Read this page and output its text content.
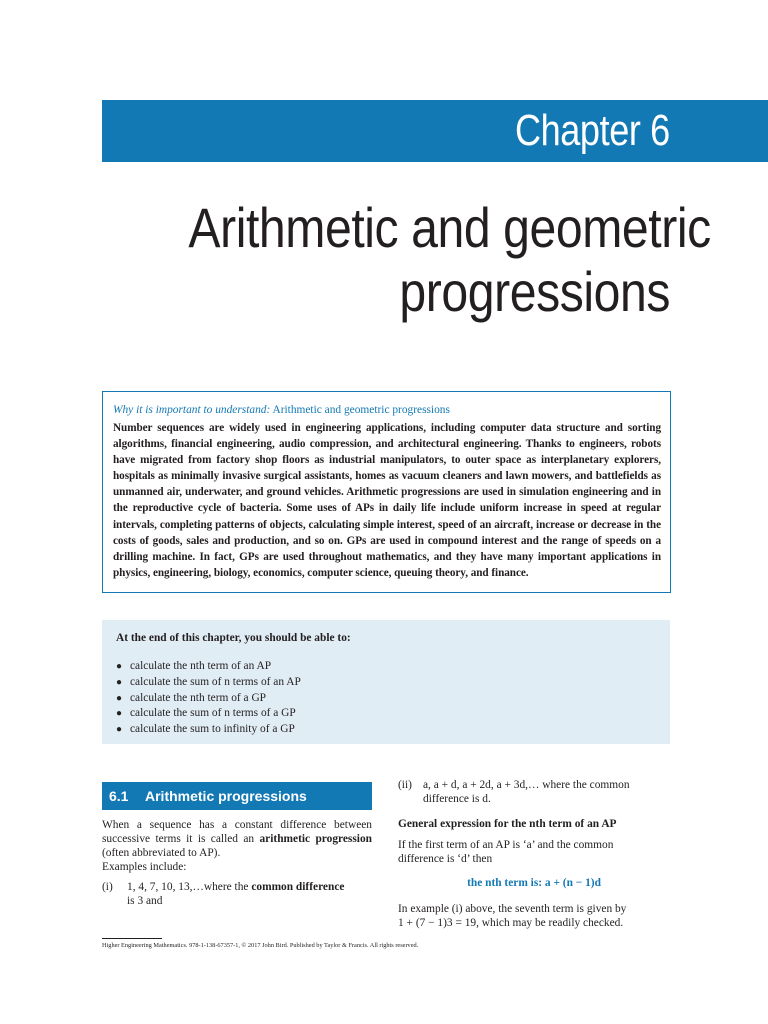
Chapter 6
Arithmetic and geometric
progressions

Why it is important to understand: Arithmetic and geometric progressions

Number sequences are widely used in engineering applications, including computer data structure and sorting algorithms, financial engineering, audio compression, and architectural engineering. Thanks to engineers, robots have migrated from factory shop floors as industrial manipulators, to outer space as interplanetary explorers, hospitals as minimally invasive surgical assistants, homes as vacuum cleaners and lawn mowers, and battlefields as unmanned air, underwater, and ground vehicles. Arithmetic progressions are used in simulation engineering and in the reproductive cycle of bacteria. Some uses of APs in daily life include uniform increase in speed at regular intervals, completing patterns of objects, calculating simple interest, speed of an aircraft, increase or decrease in the costs of goods, sales and production, and so on. GPs are used in compound interest and the range of speeds on a drilling machine. In fact, GPs are used throughout mathematics, and they have many important applications in physics, engineering, biology, economics, computer science, queuing theory, and finance.

At the end of this chapter, you should be able to:
● calculate the nth term of an AP
● calculate the sum of n terms of an AP
● calculate the nth term of a GP
● calculate the sum of n terms of a GP
● calculate the sum to infinity of a GP
6.1 Arithmetic progressions

When a sequence has a constant difference between successive terms it is called an arithmetic progression (often abbreviated to AP).

Examples include:
(i) 1, 4, 7, 10, 13,…where the common difference
is 3 and
(ii) a, a + d, a + 2d, a + 3d,… where the common
difference is d.
General expression for the nth term of an AP
If the first term of an AP is ‘a’ and the common
difference is ‘d’ then
the nth term is: a + (n − 1)d
In example (i) above, the seventh term is given by
1 + (7 − 1)3 = 19, which may be readily checked.
Higher Engineering Mathematics. 978-1-138-67357-1, © 2017 John Bird. Published by Taylor & Francis. All rights reserved.
